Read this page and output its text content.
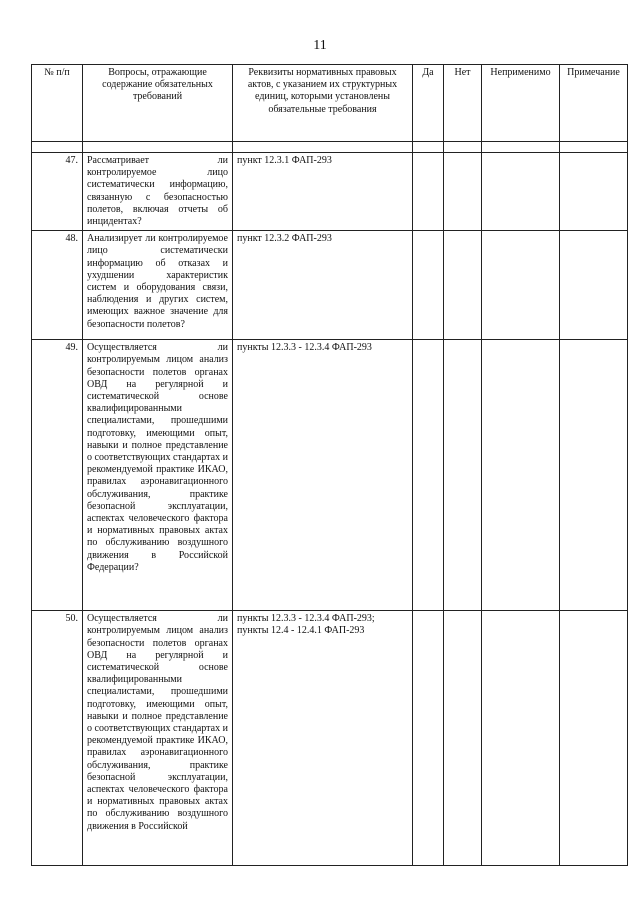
11
№ п/п	Вопросы, отражающие содержание обязательных требований	Реквизиты нормативных правовых актов, с указанием их структурных единиц, которыми установлены обязательные требования	Да	Нет	Неприменимо	Примечание

47.	Рассматривает ли контролируемое лицо систематически информацию, связанную с безопасностью полетов, включая отчеты об инцидентах?	пункт 12.3.1 ФАП-293				

48.	Анализирует ли контролируемое лицо систематически информацию об отказах и ухудшении характеристик систем и оборудования связи, наблюдения и других систем, имеющих важное значение для безопасности полетов?	пункт 12.3.2 ФАП-293				

49.	Осуществляется ли контролируемым лицом анализ безопасности полетов органах ОВД на регулярной и систематической основе квалифицированными специалистами, прошедшими подготовку, имеющими опыт, навыки и полное представление о соответствующих стандартах и рекомендуемой практике ИКАО, правилах аэронавигационного обслуживания, практике безопасной эксплуатации, аспектах человеческого фактора и нормативных правовых актах по обслуживанию воздушного движения в Российской Федерации?	пункты 12.3.3 - 12.3.4 ФАП-293				

50.	Осуществляется ли контролируемым лицом анализ безопасности полетов органах ОВД на регулярной и систематической основе квалифицированными специалистами, прошедшими подготовку, имеющими опыт, навыки и полное представление о соответствующих стандартах и рекомендуемой практике ИКАО, правилах аэронавигационного обслуживания, практике безопасной эксплуатации, аспектах человеческого фактора и нормативных правовых актах по обслуживанию воздушного движения в Российской	пункты 12.3.3 - 12.3.4 ФАП-293;
пункты 12.4 - 12.4.1 ФАП-293				
